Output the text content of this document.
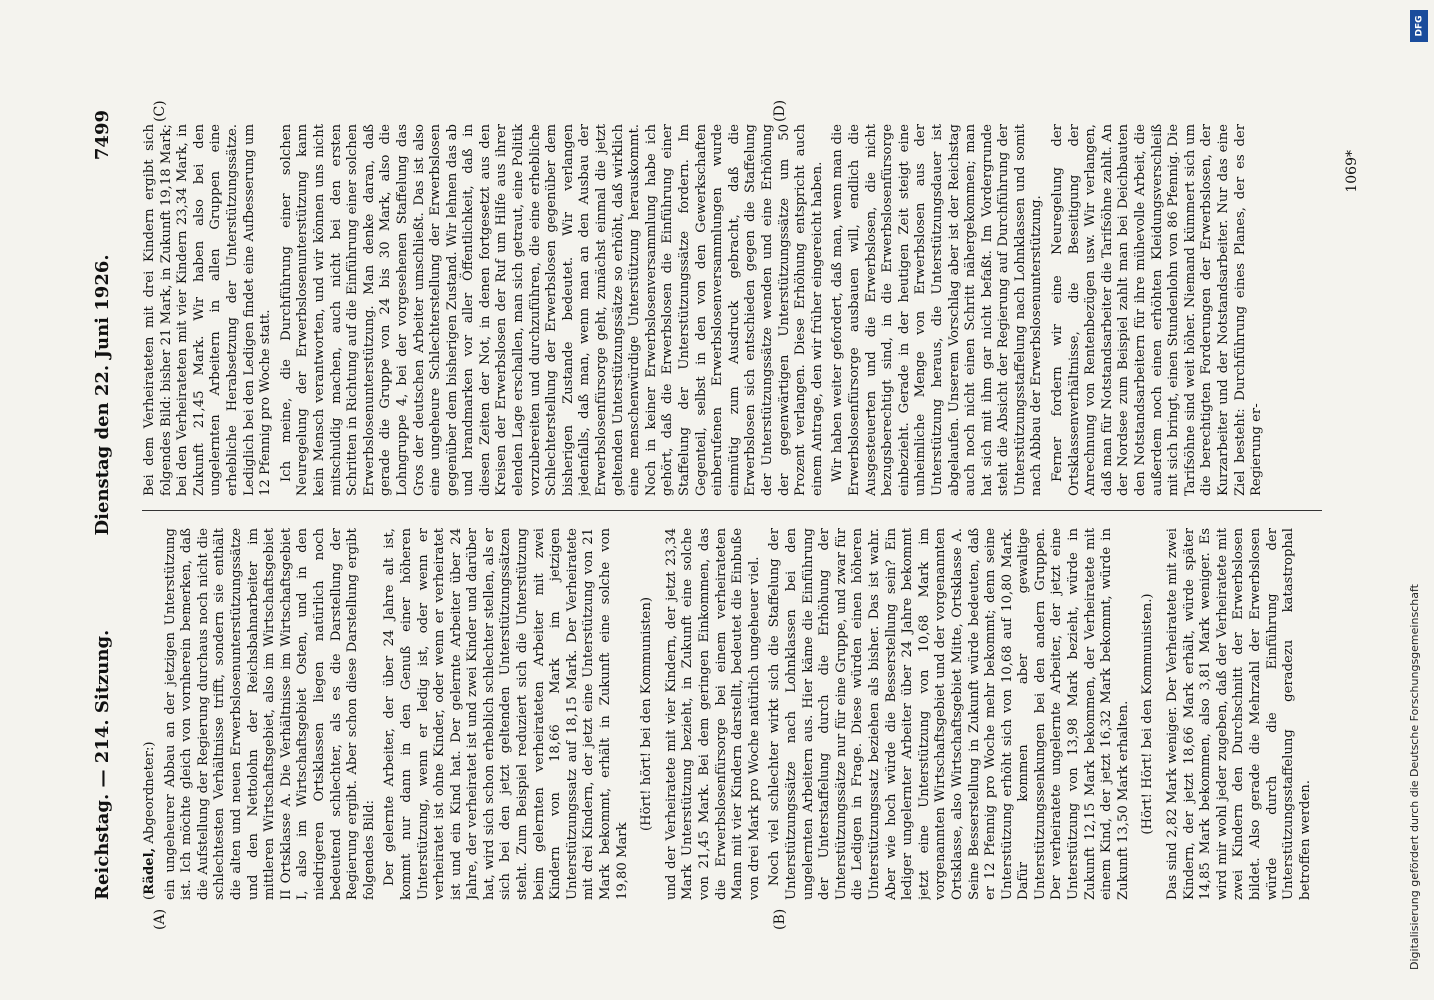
Reichstag. — 214. Sitzung.
Dienstag den 22. Juni 1926.
7499

(Rädel, Abgeordneter:) ein ungeheurer Abbau an der jetzigen Unterstützung ist. Ich möchte gleich von vornherein bemerken, daß die Aufstellung der Regierung durchaus noch nicht die schlechtesten Verhältnisse trifft, sondern sie enthält die alten und neuen Erwerbslosenunterstützungssätze und den Nettolohn der Reichsbahnarbeiter im mittleren Wirtschaftsgebiet, also im Wirtschaftsgebiet II Ortsklasse A. Die Verhältnisse im Wirtschaftsgebiet I, also im Wirtschaftsgebiet Osten, und in den niedrigeren Ortsklassen liegen natürlich noch bedeutend schlechter, als es die Darstellung der Regierung ergibt. Aber schon diese Darstellung ergibt folgendes Bild: Der gelernte Arbeiter, der über 24 Jahre alt ist, kommt nur dann in den Genuß einer höheren Unterstützung, wenn er ledig ist, oder wenn er verheiratet ist ohne Kinder, oder wenn er verheiratet ist und ein Kind hat. Der gelernte Arbeiter über 24 Jahre, der verheiratet ist und zwei Kinder und darüber hat, wird sich schon erheblich schlechter stellen, als er sich bei den jetzt geltenden Unterstützungssätzen steht. Zum Beispiel reduziert sich die Unterstützung beim gelernten verheirateten Arbeiter mit zwei Kindern von 18,66 Mark im jetzigen Unterstützungssatz auf 18,15 Mark. Der Verheiratete mit drei Kindern, der jetzt eine Unterstützung von 21 Mark bekommt, erhält in Zukunft eine solche von 19,80 Mark

(Hört! hört! bei den Kommunisten) und der Verheiratete mit vier Kindern, der jetzt 23,34 Mark Unterstützung bezieht, in Zukunft eine solche von 21,45 Mark. Bei dem geringen Einkommen, das die Erwerbslosenfürsorge bei einem verheirateten Mann mit vier Kindern darstellt, bedeutet die Einbuße von drei Mark pro Woche natürlich ungeheuer viel. Noch viel schlechter wirkt sich die Staffelung der Unterstützungssätze nach Lohnklassen bei den ungelernten Arbeitern aus. Hier käme die Einführung der Unterstaffelung durch die Erhöhung der Unterstützungssätze nur für eine Gruppe, und zwar für die Ledigen in Frage. Diese würden einen höheren Unterstützungssatz beziehen als bisher. Das ist wahr. Aber wie hoch würde die Besserstellung sein? Ein lediger ungelernter Arbeiter über 24 Jahre bekommt jetzt eine Unterstützung von 10,68 Mark im vorgenannten Wirtschaftsgebiet und der vorgenannten Ortsklasse, also Wirtschaftsgebiet Mitte, Ortsklasse A. Seine Besserstellung in Zukunft würde bedeuten, daß er 12 Pfennig pro Woche mehr bekommt; denn seine Unterstützung erhöht sich von 10,68 auf 10,80 Mark. Dafür kommen aber gewaltige Unterstützungssenkungen bei den andern Gruppen. Der verheiratete ungelernte Arbeiter, der jetzt eine Unterstützung von 13,98 Mark bezieht, würde in Zukunft 12,15 Mark bekommen, der Verheiratete mit einem Kind, der jetzt 16,32 Mark bekommt, würde in Zukunft 13,50 Mark erhalten. (Hört! Hört! bei den Kommunisten.) Das sind 2,82 Mark weniger. Der Verheiratete mit zwei Kindern, der jetzt 18,66 Mark erhält, würde später 14,85 Mark bekommen, also 3,81 Mark weniger. Es wird mir wohl jeder zugeben, daß der Verheiratete mit zwei Kindern den Durchschnitt der Erwerbslosen bildet. Also gerade die Mehrzahl der Erwerbslosen würde durch die Einführung der Unterstützungsstaffelung geradezu katastrophal betroffen werden.

Bei dem Verheirateten mit drei Kindern ergibt sich folgendes Bild: bisher 21 Mark, in Zukunft 19,18 Mark; bei den Verheirateten mit vier Kindern 23,34 Mark, in Zukunft 21,45 Mark. Wir haben also bei den ungelernten Arbeitern in allen Gruppen eine erhebliche Herabsetzung der Unterstützungssätze. Lediglich bei den Ledigen findet eine Aufbesserung um 12 Pfennig pro Woche statt. Ich meine, die Durchführung einer solchen Neuregelung der Erwerbslosenunterstützung kann kein Mensch verantworten, und wir können uns nicht mitschuldig machen, auch nicht bei den ersten Schritten in Richtung auf die Einführung einer solchen Erwerbslosenunterstützung. Man denke daran, daß gerade die Gruppe von 24 bis 30 Mark, also die Lohngruppe 4, bei der vorgesehenen Staffelung das Gros der deutschen Arbeiter umschließt. Das ist also eine ungeheure Schlechterstellung der Erwerbslosen gegenüber dem bisherigen Zustand. Wir lehnen das ab und brandmarken vor aller Öffentlichkeit, daß in diesen Zeiten der Not, in denen fortgesetzt aus den Kreisen der Erwerbslosen der Ruf um Hilfe aus ihrer elenden Lage erschallen, man sich getraut, eine Politik vorzubereiten und durchzuführen, die eine erhebliche Schlechterstellung der Erwerbslosen gegenüber dem bisherigen Zustande bedeutet. Wir verlangen jedenfalls, daß man, wenn man an den Ausbau der Erwerbslosenfürsorge geht, zunächst einmal die jetzt geltenden Unterstützungssätze so erhöht, daß wirklich eine menschenwürdige Unterstützung herauskommt. Noch in keiner Erwerbslosenversammlung habe ich gehört, daß die Erwerbslosen die Einführung einer Staffelung der Unterstützungssätze fordern. Im Gegenteil, selbst in den von den Gewerkschaften einberufenen Erwerbslosenversammlungen wurde einmütig zum Ausdruck gebracht, daß die Erwerbslosen sich entschieden gegen die Staffelung der Unterstützungssätze wenden und eine Erhöhung der gegenwärtigen Unterstützungssätze um 50 Prozent verlangen. Diese Erhöhung entspricht auch einem Antrage, den wir früher eingereicht haben. Wir haben weiter gefordert, daß man, wenn man die Erwerbslosenfürsorge ausbauen will, endlich die Ausgesteuerten und die Erwerbslosen, die nicht bezugsberechtigt sind, in die Erwerbslosenfürsorge einbezieht. Gerade in der heutigen Zeit steigt eine unheimliche Menge von Erwerbslosen aus der Unterstützung heraus, die Unterstützungsdauer ist abgelaufen. Unserem Vorschlag aber ist der Reichstag auch noch nicht einen Schritt nähergekommen; man hat sich mit ihm gar nicht befaßt. Im Vordergrunde steht die Absicht der Regierung auf Durchführung der Unterstützungsstaffelung nach Lohnklassen und somit nach Abbau der Erwerbslosenunterstützung. Ferner fordern wir eine Neuregelung der Ortsklassenverhältnisse, die Beseitigung der Anrechnung von Rentenbezügen usw. Wir verlangen, daß man für Notstandsarbeiter die Tarifsöhne zahlt. An der Nordsee zum Beispiel zahlt man bei Deichbauten den Notstandsarbeitern für ihre mühevolle Arbeit, die außerdem noch einen erhöhten Kleidungsverschleiß mit sich bringt, einen Stundenlohn von 86 Pfennig. Die Tarifsöhne sind weit höher. Niemand kümmert sich um die berechtigten Forderungen der Erwerbslosen, der Kurzarbeiter und der Notstandsarbeiter. Nur das eine Ziel besteht: Durchführung eines Planes, der es der Regierung er-

(A)	(B)
(C)	(D)
1069*
Digitalisierung gefördert durch die Deutsche Forschungsgemeinschaft
DFG
